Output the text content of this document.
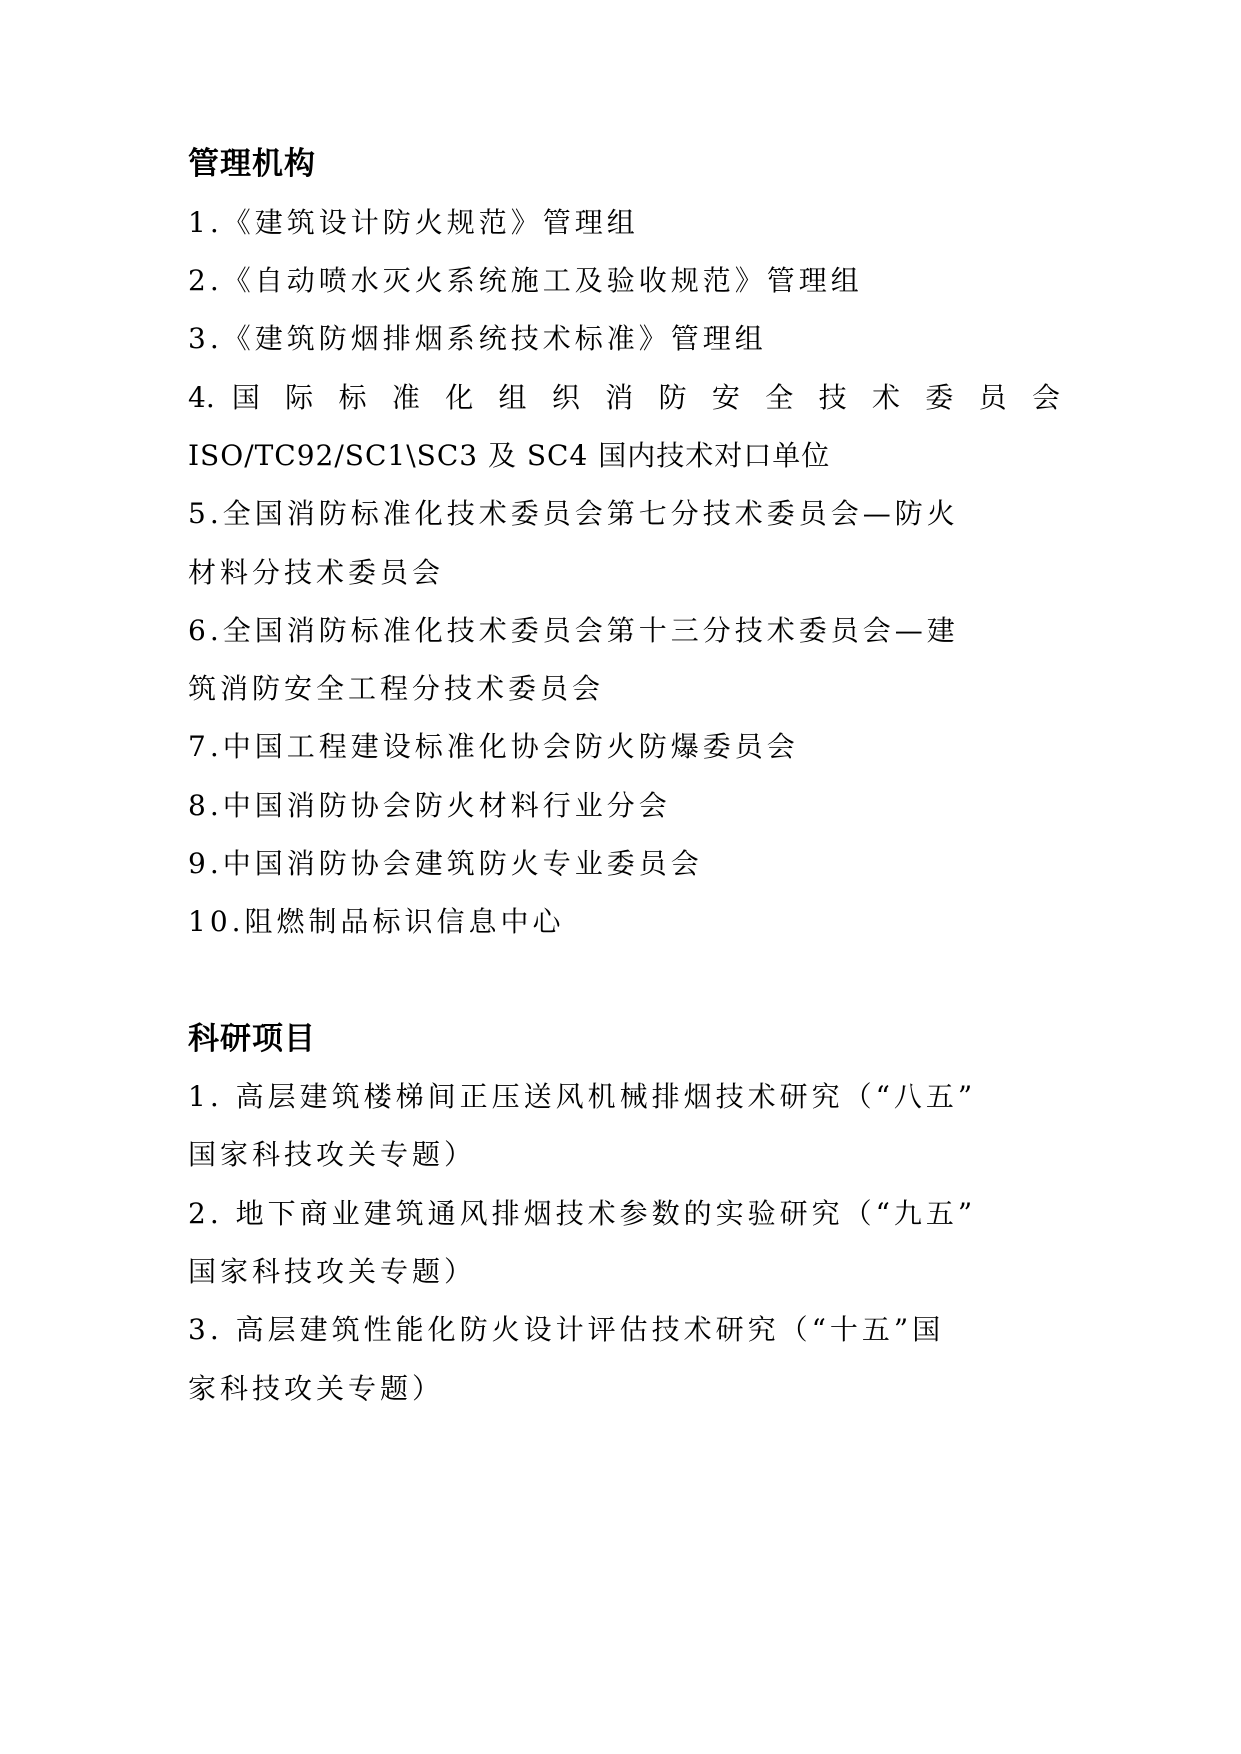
管理机构
1.《建筑设计防火规范》管理组
2.《自动喷水灭火系统施工及验收规范》管理组
3.《建筑防烟排烟系统技术标准》管理组
4. 国 际 标 准 化 组 织 消 防 安 全 技 术 委 员 会
ISO/TC92/SC1\SC3 及 SC4 国内技术对口单位
5.全国消防标准化技术委员会第七分技术委员会—防火
材料分技术委员会
6.全国消防标准化技术委员会第十三分技术委员会—建
筑消防安全工程分技术委员会
7.中国工程建设标准化协会防火防爆委员会
8.中国消防协会防火材料行业分会
9.中国消防协会建筑防火专业委员会
10.阻燃制品标识信息中心
科研项目
1. 高层建筑楼梯间正压送风机械排烟技术研究（“八五”
国家科技攻关专题）
2. 地下商业建筑通风排烟技术参数的实验研究（“九五”
国家科技攻关专题）
3. 高层建筑性能化防火设计评估技术研究（“十五”国
家科技攻关专题）
